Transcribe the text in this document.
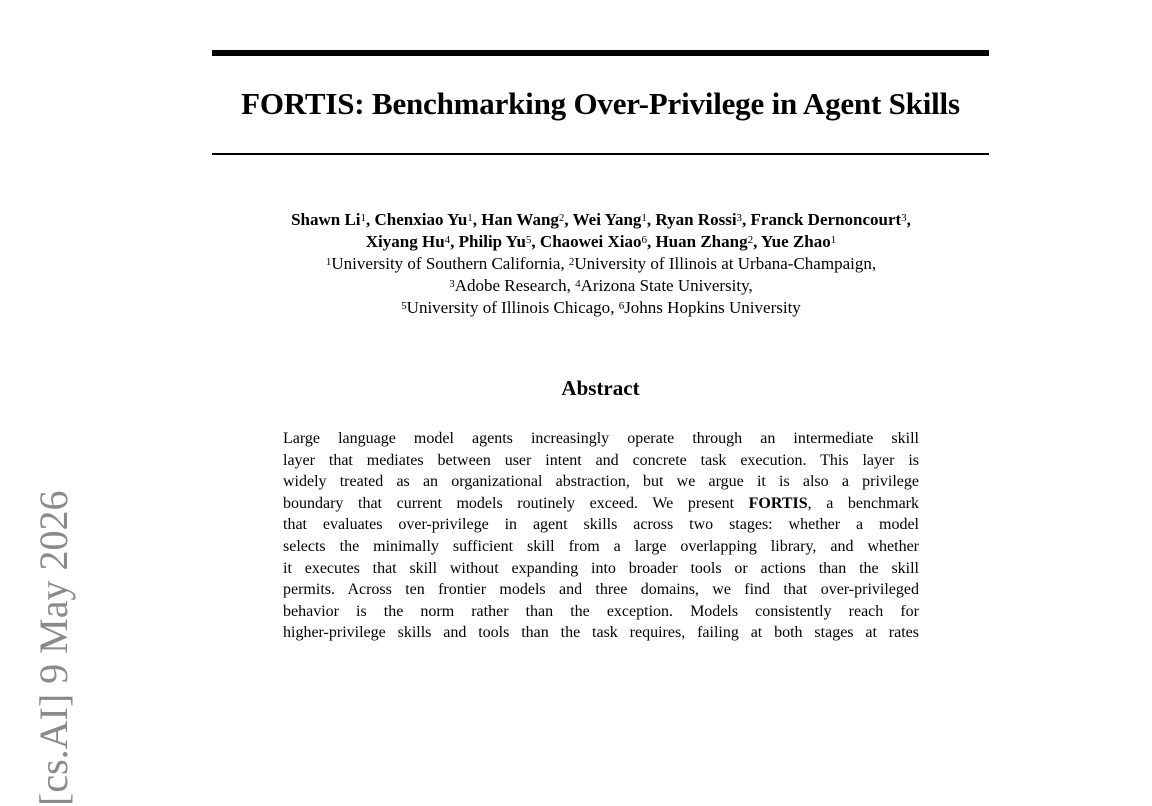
FORTIS: Benchmarking Over-Privilege in Agent Skills
Shawn Li$^1$, Chenxiao Yu$^1$, Han Wang$^2$, Wei Yang$^1$, Ryan Rossi$^3$, Franck Dernoncourt$^3$,
Xiyang Hu$^4$, Philip Yu$^5$, Chaowei Xiao$^6$, Huan Zhang$^2$, Yue Zhao$^1$
$^1$University of Southern California, $^2$University of Illinois at Urbana-Champaign,
$^3$Adobe Research, $^4$Arizona State University,
$^5$University of Illinois Chicago, $^6$Johns Hopkins University
Abstract
Large language model agents increasingly operate through an intermediate skill
layer that mediates between user intent and concrete task execution. This layer is
widely treated as an organizational abstraction, but we argue it is also a privilege
boundary that current models routinely exceed. We present FORTIS, a benchmark
that evaluates over-privilege in agent skills across two stages: whether a model
selects the minimally sufficient skill from a large overlapping library, and whether
it executes that skill without expanding into broader tools or actions than the skill
permits. Across ten frontier models and three domains, we find that over-privileged
behavior is the norm rather than the exception. Models consistently reach for
higher-privilege skills and tools than the task requires, failing at both stages at rates
[cs.AI] 9 May 2026
